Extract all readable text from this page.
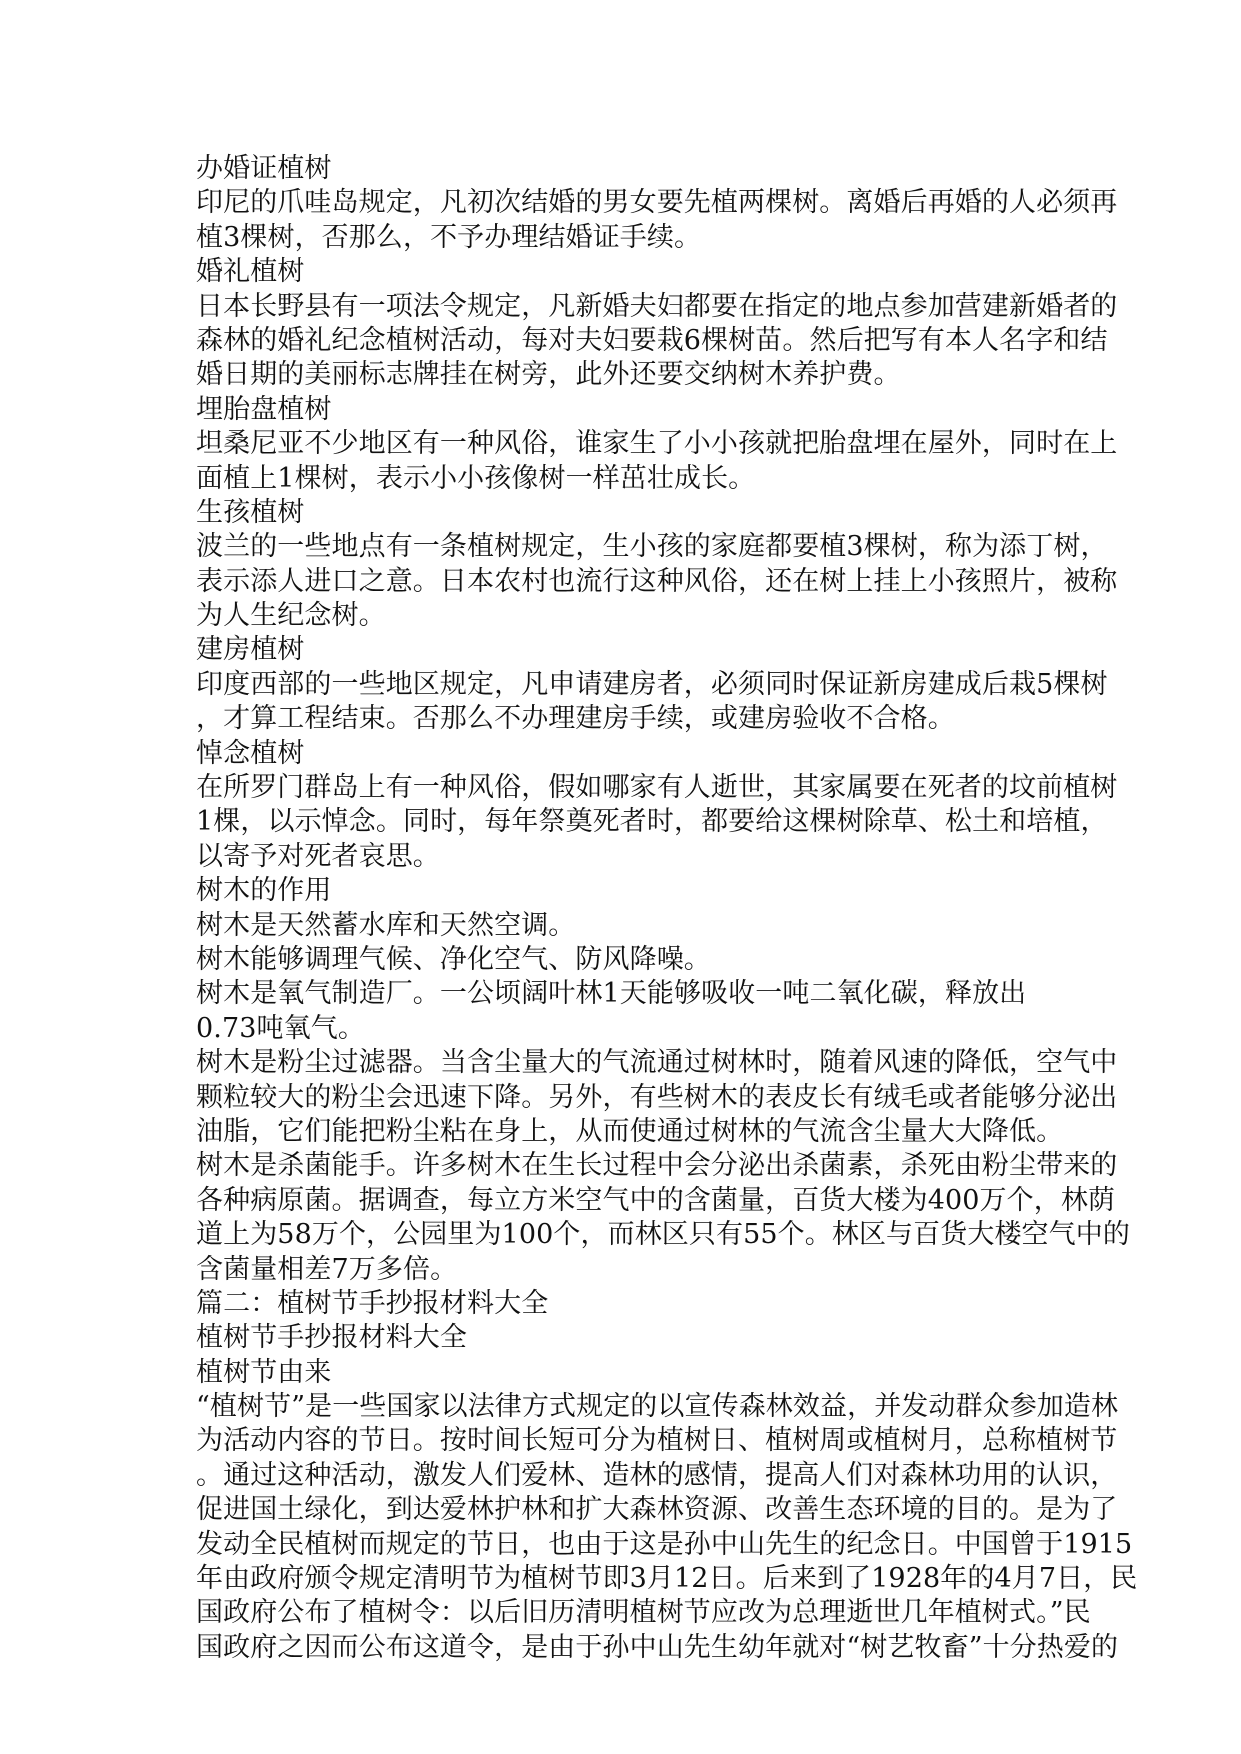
办婚证植树
印尼的爪哇岛规定，凡初次结婚的男女要先植两棵树。离婚后再婚的人必须再
植3棵树，否那么，不予办理结婚证手续。
婚礼植树
日本长野县有一项法令规定，凡新婚夫妇都要在指定的地点参加营建新婚者的
森林的婚礼纪念植树活动，每对夫妇要栽6棵树苗。然后把写有本人名字和结
婚日期的美丽标志牌挂在树旁，此外还要交纳树木养护费。
埋胎盘植树
坦桑尼亚不少地区有一种风俗，谁家生了小小孩就把胎盘埋在屋外，同时在上
面植上1棵树，表示小小孩像树一样茁壮成长。
生孩植树
波兰的一些地点有一条植树规定，生小孩的家庭都要植3棵树，称为添丁树，
表示添人进口之意。日本农村也流行这种风俗，还在树上挂上小孩照片，被称
为人生纪念树。
建房植树
印度西部的一些地区规定，凡申请建房者，必须同时保证新房建成后栽5棵树
，才算工程结束。否那么不办理建房手续，或建房验收不合格。
悼念植树
在所罗门群岛上有一种风俗，假如哪家有人逝世，其家属要在死者的坟前植树
1棵，以示悼念。同时，每年祭奠死者时，都要给这棵树除草、松土和培植，
以寄予对死者哀思。
树木的作用
树木是天然蓄水库和天然空调。
树木能够调理气候、净化空气、防风降噪。
树木是氧气制造厂。一公顷阔叶林1天能够吸收一吨二氧化碳，释放出
0.73吨氧气。
树木是粉尘过滤器。当含尘量大的气流通过树林时，随着风速的降低，空气中
颗粒较大的粉尘会迅速下降。另外，有些树木的表皮长有绒毛或者能够分泌出
油脂，它们能把粉尘粘在身上，从而使通过树林的气流含尘量大大降低。
树木是杀菌能手。许多树木在生长过程中会分泌出杀菌素，杀死由粉尘带来的
各种病原菌。据调查，每立方米空气中的含菌量，百货大楼为400万个，林荫
道上为58万个，公园里为100个，而林区只有55个。林区与百货大楼空气中的
含菌量相差7万多倍。
篇二：植树节手抄报材料大全
植树节手抄报材料大全
植树节由来
“植树节”是一些国家以法律方式规定的以宣传森林效益，并发动群众参加造林
为活动内容的节日。按时间长短可分为植树日、植树周或植树月，总称植树节
。通过这种活动，激发人们爱林、造林的感情，提高人们对森林功用的认识，
促进国土绿化，到达爱林护林和扩大森林资源、改善生态环境的目的。是为了
发动全民植树而规定的节日，也由于这是孙中山先生的纪念日。中国曾于1915
年由政府颁令规定清明节为植树节即3月12日。后来到了1928年的4月7日，民
国政府公布了植树令：以后旧历清明植树节应改为总理逝世几年植树式。”民
国政府之因而公布这道令，是由于孙中山先生幼年就对“树艺牧畜”十分热爱的
